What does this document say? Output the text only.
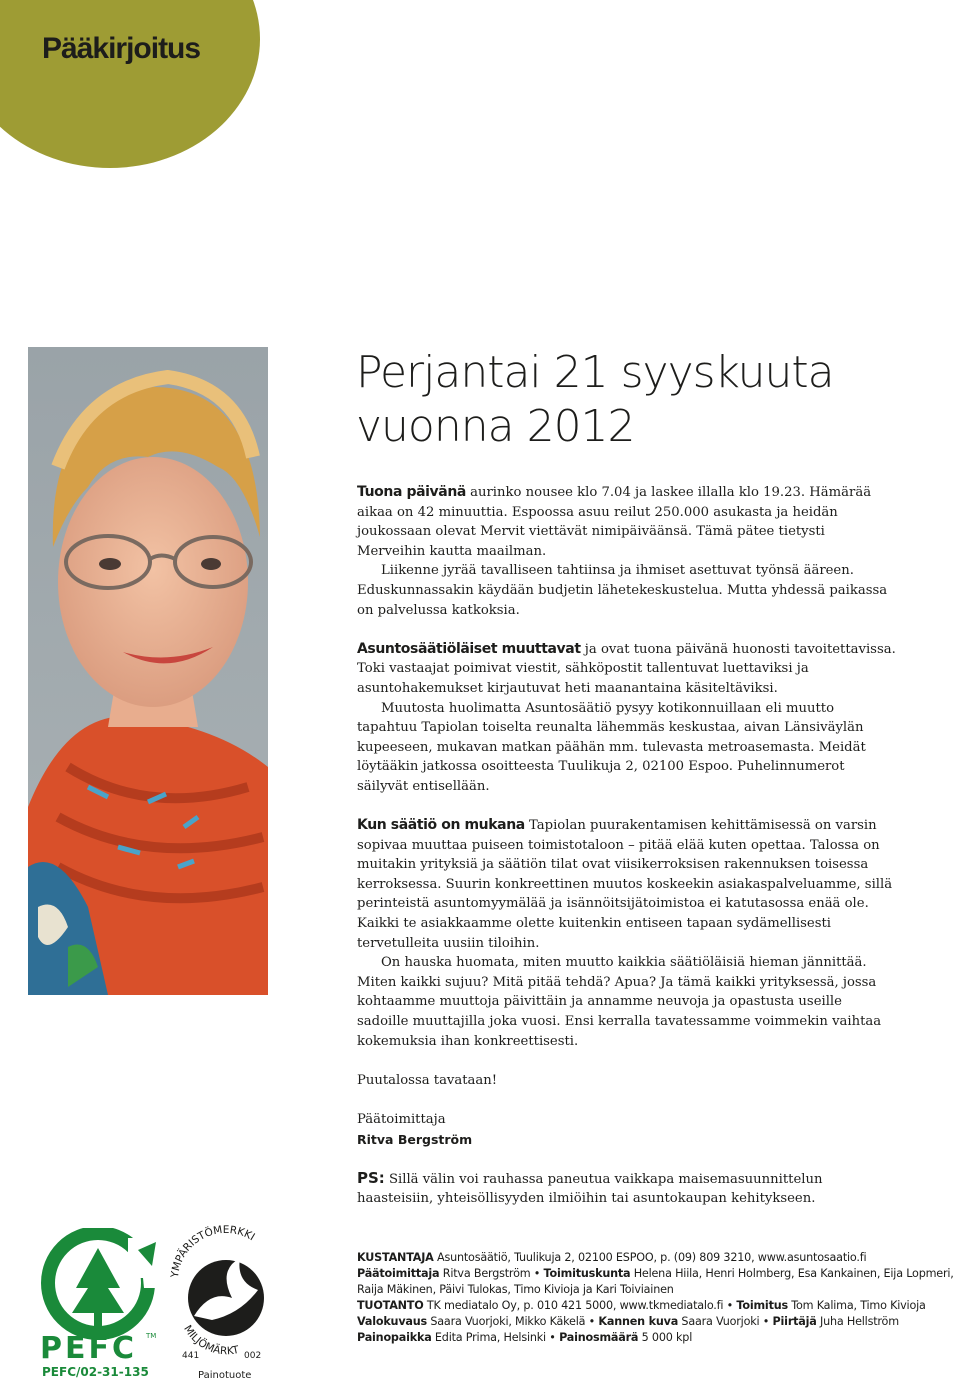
Pääkirjoitus
Perjantai 21 syyskuuta
vuonna 2012

Tuona päivänä aurinko nousee klo 7.04 ja laskee illalla klo 19.23. Hämärää aikaa on 42 minuuttia. Espoossa asuu reilut 250.000 asukasta ja heidän joukossaan olevat Mervit viettävät nimipäiväänsä. Tämä pätee tietysti Merveihin kautta maailman.

Liikenne jyrää tavalliseen tahtiinsa ja ihmiset asettuvat työnsä ääreen. Eduskunnassakin käydään budjetin lähetekeskustelua. Mutta yhdessä paikassa on palvelussa katkoksia.

Asuntosäätiöläiset muuttavat ja ovat tuona päivänä huonosti tavoitettavissa. Toki vastaajat poimivat viestit, sähköpostit tallentuvat luettaviksi ja asuntohakemukset kirjautuvat heti maanantaina käsiteltäviksi.

Muutosta huolimatta Asuntosäätiö pysyy kotikonnuillaan eli muutto tapahtuu Tapiolan toiselta reunalta lähemmäs keskustaa, aivan Länsiväylän kupeeseen, mukavan matkan päähän mm. tulevasta metroasemasta. Meidät löytääkin jatkossa osoitteesta Tuulikuja 2, 02100 Espoo. Puhelinnumerot säilyvät entisellään.

Kun säätiö on mukana Tapiolan puurakentamisen kehittämisessä on varsin sopivaa muuttaa puiseen toimistotaloon – pitää elää kuten opettaa. Talossa on muitakin yrityksiä ja säätiön tilat ovat viisikerroksisen rakennuksen toisessa kerroksessa. Suurin konkreettinen muutos koskeekin asiakaspalveluamme, sillä perinteistä asuntomyymälää ja isännöitsijätoimistoa ei katutasossa enää ole. Kaikki te asiakkaamme olette kuitenkin entiseen tapaan sydämellisesti tervetulleita uusiin tiloihin.

On hauska huomata, miten muutto kaikkia säätiöläisiä hieman jännittää. Miten kaikki sujuu? Mitä pitää tehdä? Apua? Ja tämä kaikki yrityksessä, jossa kohtaamme muuttoja päivittäin ja annamme neuvoja ja opastusta useille sadoille muuttajilla joka vuosi. Ensi kerralla tavatessamme voimmekin vaihtaa kokemuksia ihan konkreettisesti.

Puutalossa tavataan!

Päätoimittaja

Ritva Bergström

PS: Sillä välin voi rauhassa paneutua vaikkapa maisemasuunnittelun haasteisiin, yhteisöllisyyden ilmiöihin tai asuntokaupan kehitykseen.

PEFC TM
PEFC/02-31-135
YMPÄRISTÖMERKKI
MILJÖMÄRKT
441	002
Painotuote

KUSTANTAJA Asuntosäätiö, Tuulikuja 2, 02100 ESPOO, p. (09) 809 3210, www.asuntosaatio.fi

Päätoimittaja Ritva Bergström • Toimituskunta Helena Hiila, Henri Holmberg, Esa Kankainen, Eija Lopmeri,

Raija Mäkinen, Päivi Tulokas, Timo Kivioja ja Kari Toiviainen

TUOTANTO TK mediatalo Oy, p. 010 421 5000, www.tkmediatalo.fi • Toimitus Tom Kalima, Timo Kivioja

Valokuvaus Saara Vuorjoki, Mikko Käkelä • Kannen kuva Saara Vuorjoki • Piirtäjä Juha Hellström

Painopaikka Edita Prima, Helsinki • Painosmäärä 5 000 kpl
